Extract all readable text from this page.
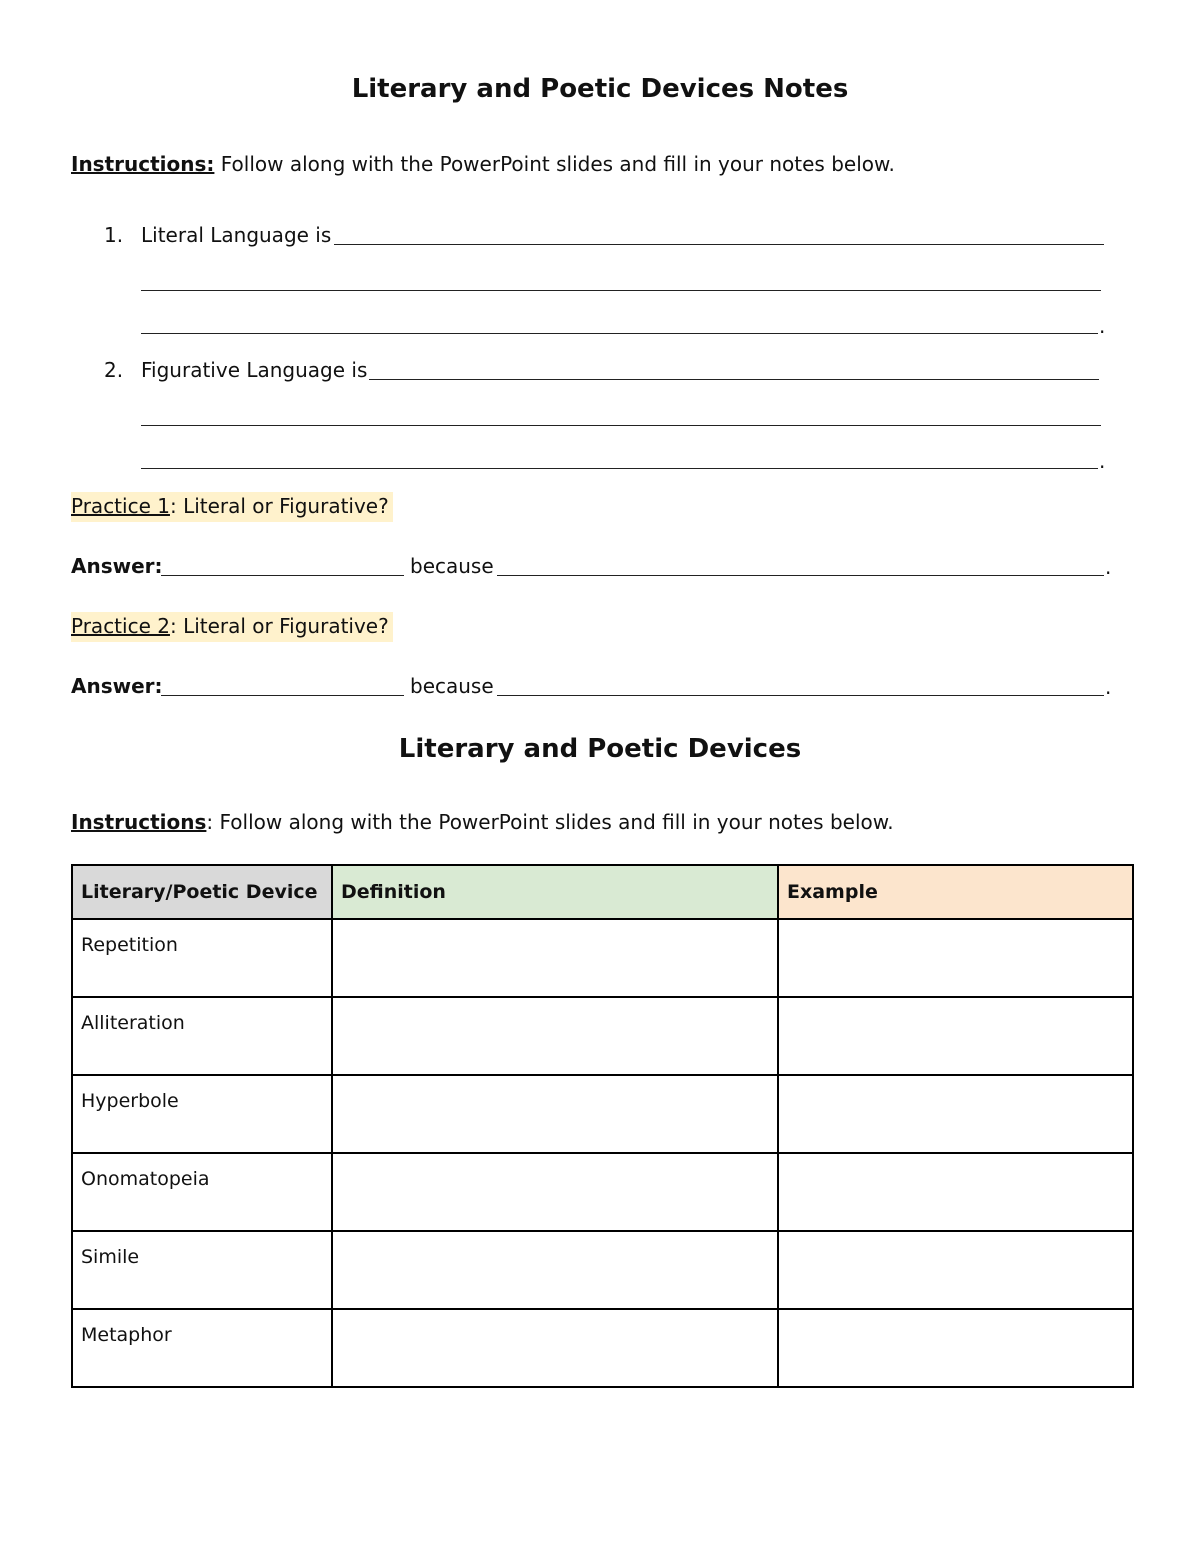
Literary and Poetic Devices Notes
Instructions: Follow along with the PowerPoint slides and fill in your notes below.
1. Literal Language is
.
2. Figurative Language is
.
Practice 1: Literal or Figurative?
Answer:	because	.
Practice 2: Literal or Figurative?
Answer:	because	.
Literary and Poetic Devices
Instructions: Follow along with the PowerPoint slides and fill in your notes below.
Literary/Poetic Device	Definition	Example
Repetition		
Alliteration		
Hyperbole		
Onomatopeia		
Simile		
Metaphor		
